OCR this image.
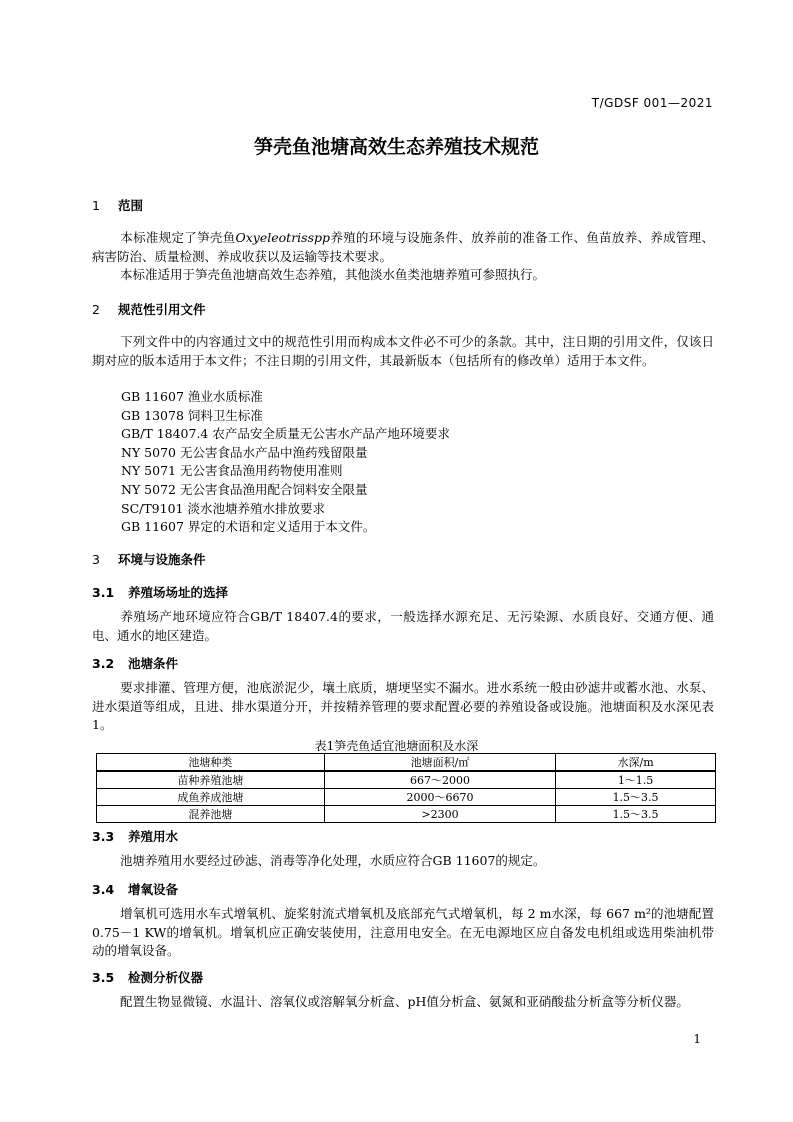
T/GDSF 001—2021
笋壳鱼池塘高效生态养殖技术规范
1 范围
本标准规定了笋壳鱼Oxyeleotrisspp养殖的环境与设施条件、放养前的准备工作、鱼苗放养、养成管理、病害防治、质量检测、养成收获以及运输等技术要求。
本标准适用于笋壳鱼池塘高效生态养殖，其他淡水鱼类池塘养殖可参照执行。
2 规范性引用文件
下列文件中的内容通过文中的规范性引用而构成本文件必不可少的条款。其中，注日期的引用文件，仅该日期对应的版本适用于本文件；不注日期的引用文件，其最新版本（包括所有的修改单）适用于本文件。
GB 11607 渔业水质标准
GB 13078 饲料卫生标准
GB/T 18407.4 农产品安全质量无公害水产品产地环境要求
NY 5070 无公害食品水产品中渔药残留限量
NY 5071 无公害食品渔用药物使用准则
NY 5072 无公害食品渔用配合饲料安全限量
SC/T9101 淡水池塘养殖水排放要求
GB 11607 界定的术语和定义适用于本文件。
3 环境与设施条件
3.1 养殖场场址的选择
养殖场产地环境应符合GB/T 18407.4的要求，一般选择水源充足、无污染源、水质良好、交通方便、通电、通水的地区建造。
3.2 池塘条件
要求排灌、管理方便，池底淤泥少，壤土底质，塘埂坚实不漏水。进水系统一般由砂滤井或蓄水池、水泵、进水渠道等组成，且进、排水渠道分开，并按精养管理的要求配置必要的养殖设备或设施。池塘面积及水深见表1。
表1笋壳鱼适宜池塘面积及水深
池塘种类	池塘面积/㎡	水深/m
苗种养殖池塘	667～2000	1～1.5
成鱼养成池塘	2000～6670	1.5～3.5
混养池塘	>2300	1.5～3.5
3.3 养殖用水
池塘养殖用水要经过砂滤、消毒等净化处理，水质应符合GB 11607的规定。
3.4 增氧设备
增氧机可选用水车式增氧机、旋桨射流式增氧机及底部充气式增氧机，每 2 m水深，每 667 m²的池塘配置 0.75－1 KW的增氧机。增氧机应正确安装使用，注意用电安全。在无电源地区应自备发电机组或选用柴油机带动的增氧设备。
3.5 检测分析仪器
配置生物显微镜、水温计、溶氧仪或溶解氧分析盒、pH值分析盒、氨氮和亚硝酸盐分析盒等分析仪器。
1
